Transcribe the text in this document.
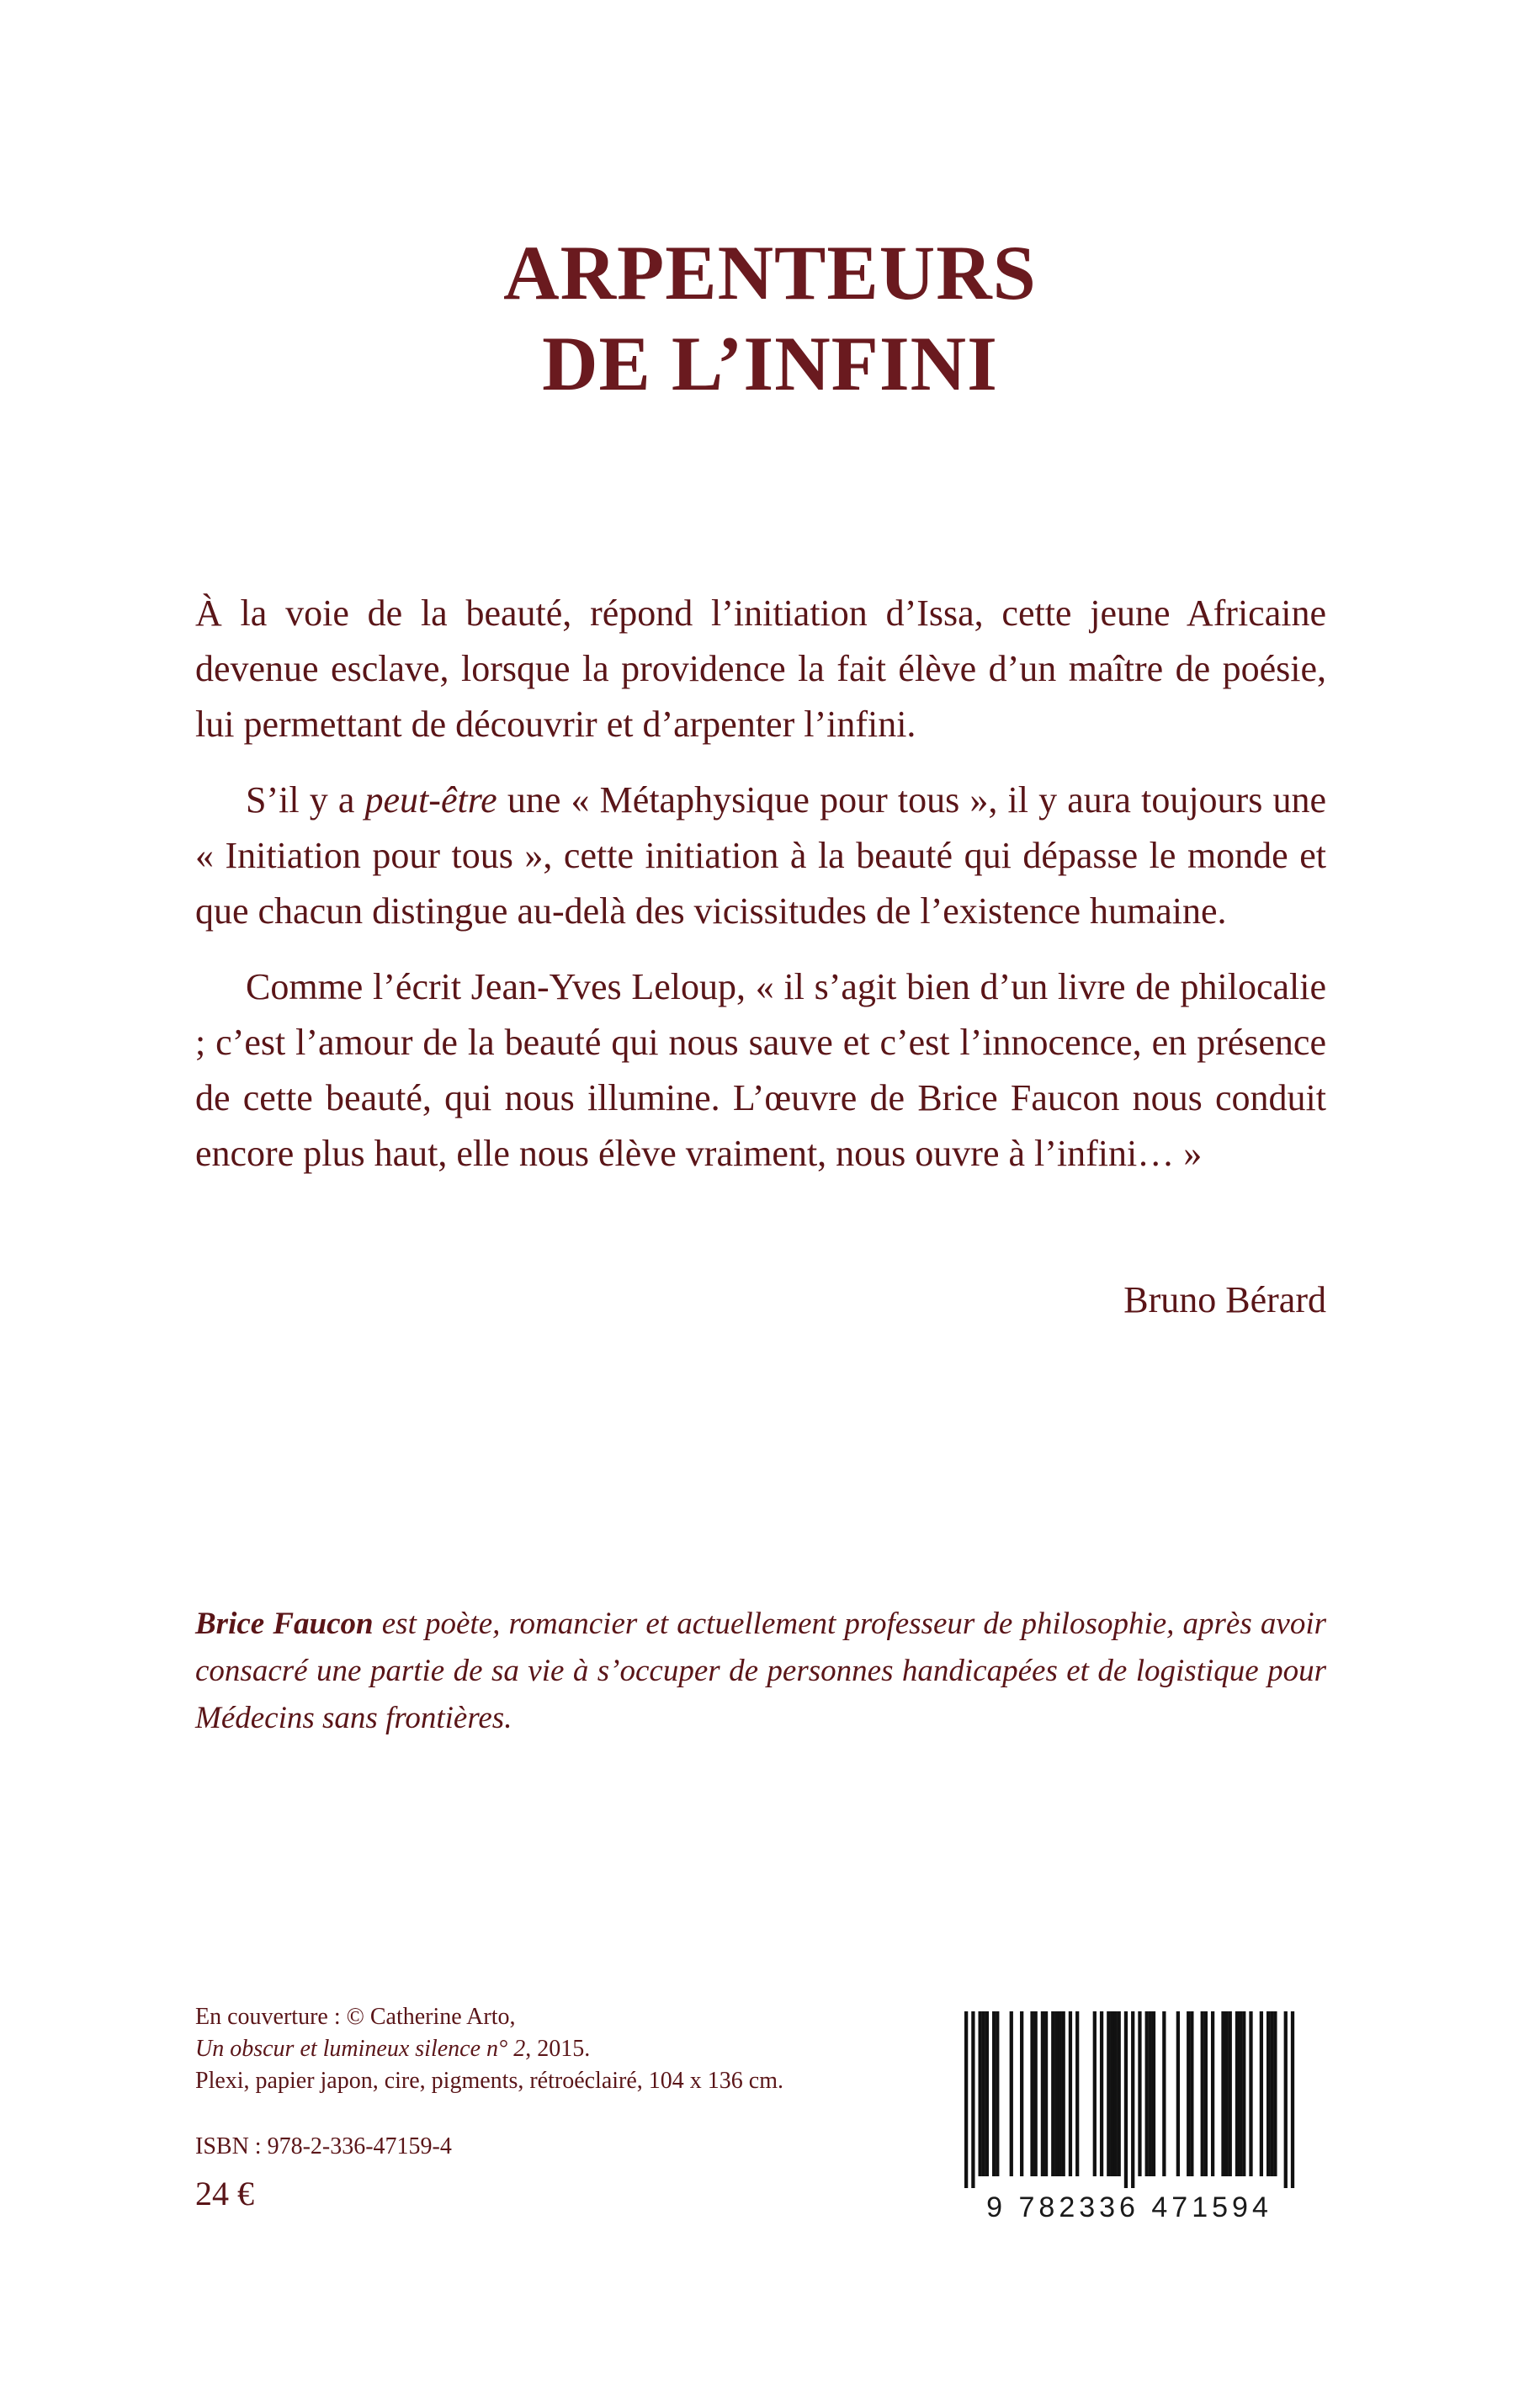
ARPENTEURS
DE L’INFINI

À la voie de la beauté, répond l’initiation d’Issa, cette jeune Africaine devenue esclave, lorsque la providence la fait élève d’un maître de poésie, lui permettant de découvrir et d’arpenter l’infini.

S’il y a peut-être une « Métaphysique pour tous », il y aura toujours une « Initiation pour tous », cette initiation à la beauté qui dépasse le monde et que chacun distingue au-delà des vicissitudes de l’existence humaine.

Comme l’écrit Jean-Yves Leloup, « il s’agit bien d’un livre de philocalie ; c’est l’amour de la beauté qui nous sauve et c’est l’innocence, en présence de cette beauté, qui nous illumine. L’œuvre de Brice Faucon nous conduit encore plus haut, elle nous élève vraiment, nous ouvre à l’infini… »

Bruno Bérard
Brice Faucon est poète, romancier et actuellement professeur de philosophie, après avoir consacré une partie de sa vie à s’occuper de personnes handicapées et de logistique pour Médecins sans frontières.
En couverture : © Catherine Arto,
Un obscur et lumineux silence n° 2, 2015.
Plexi, papier japon, cire, pigments, rétroéclairé, 104 x 136 cm.
ISBN : 978-2-336-47159-4
24 €	9 782336 471594
